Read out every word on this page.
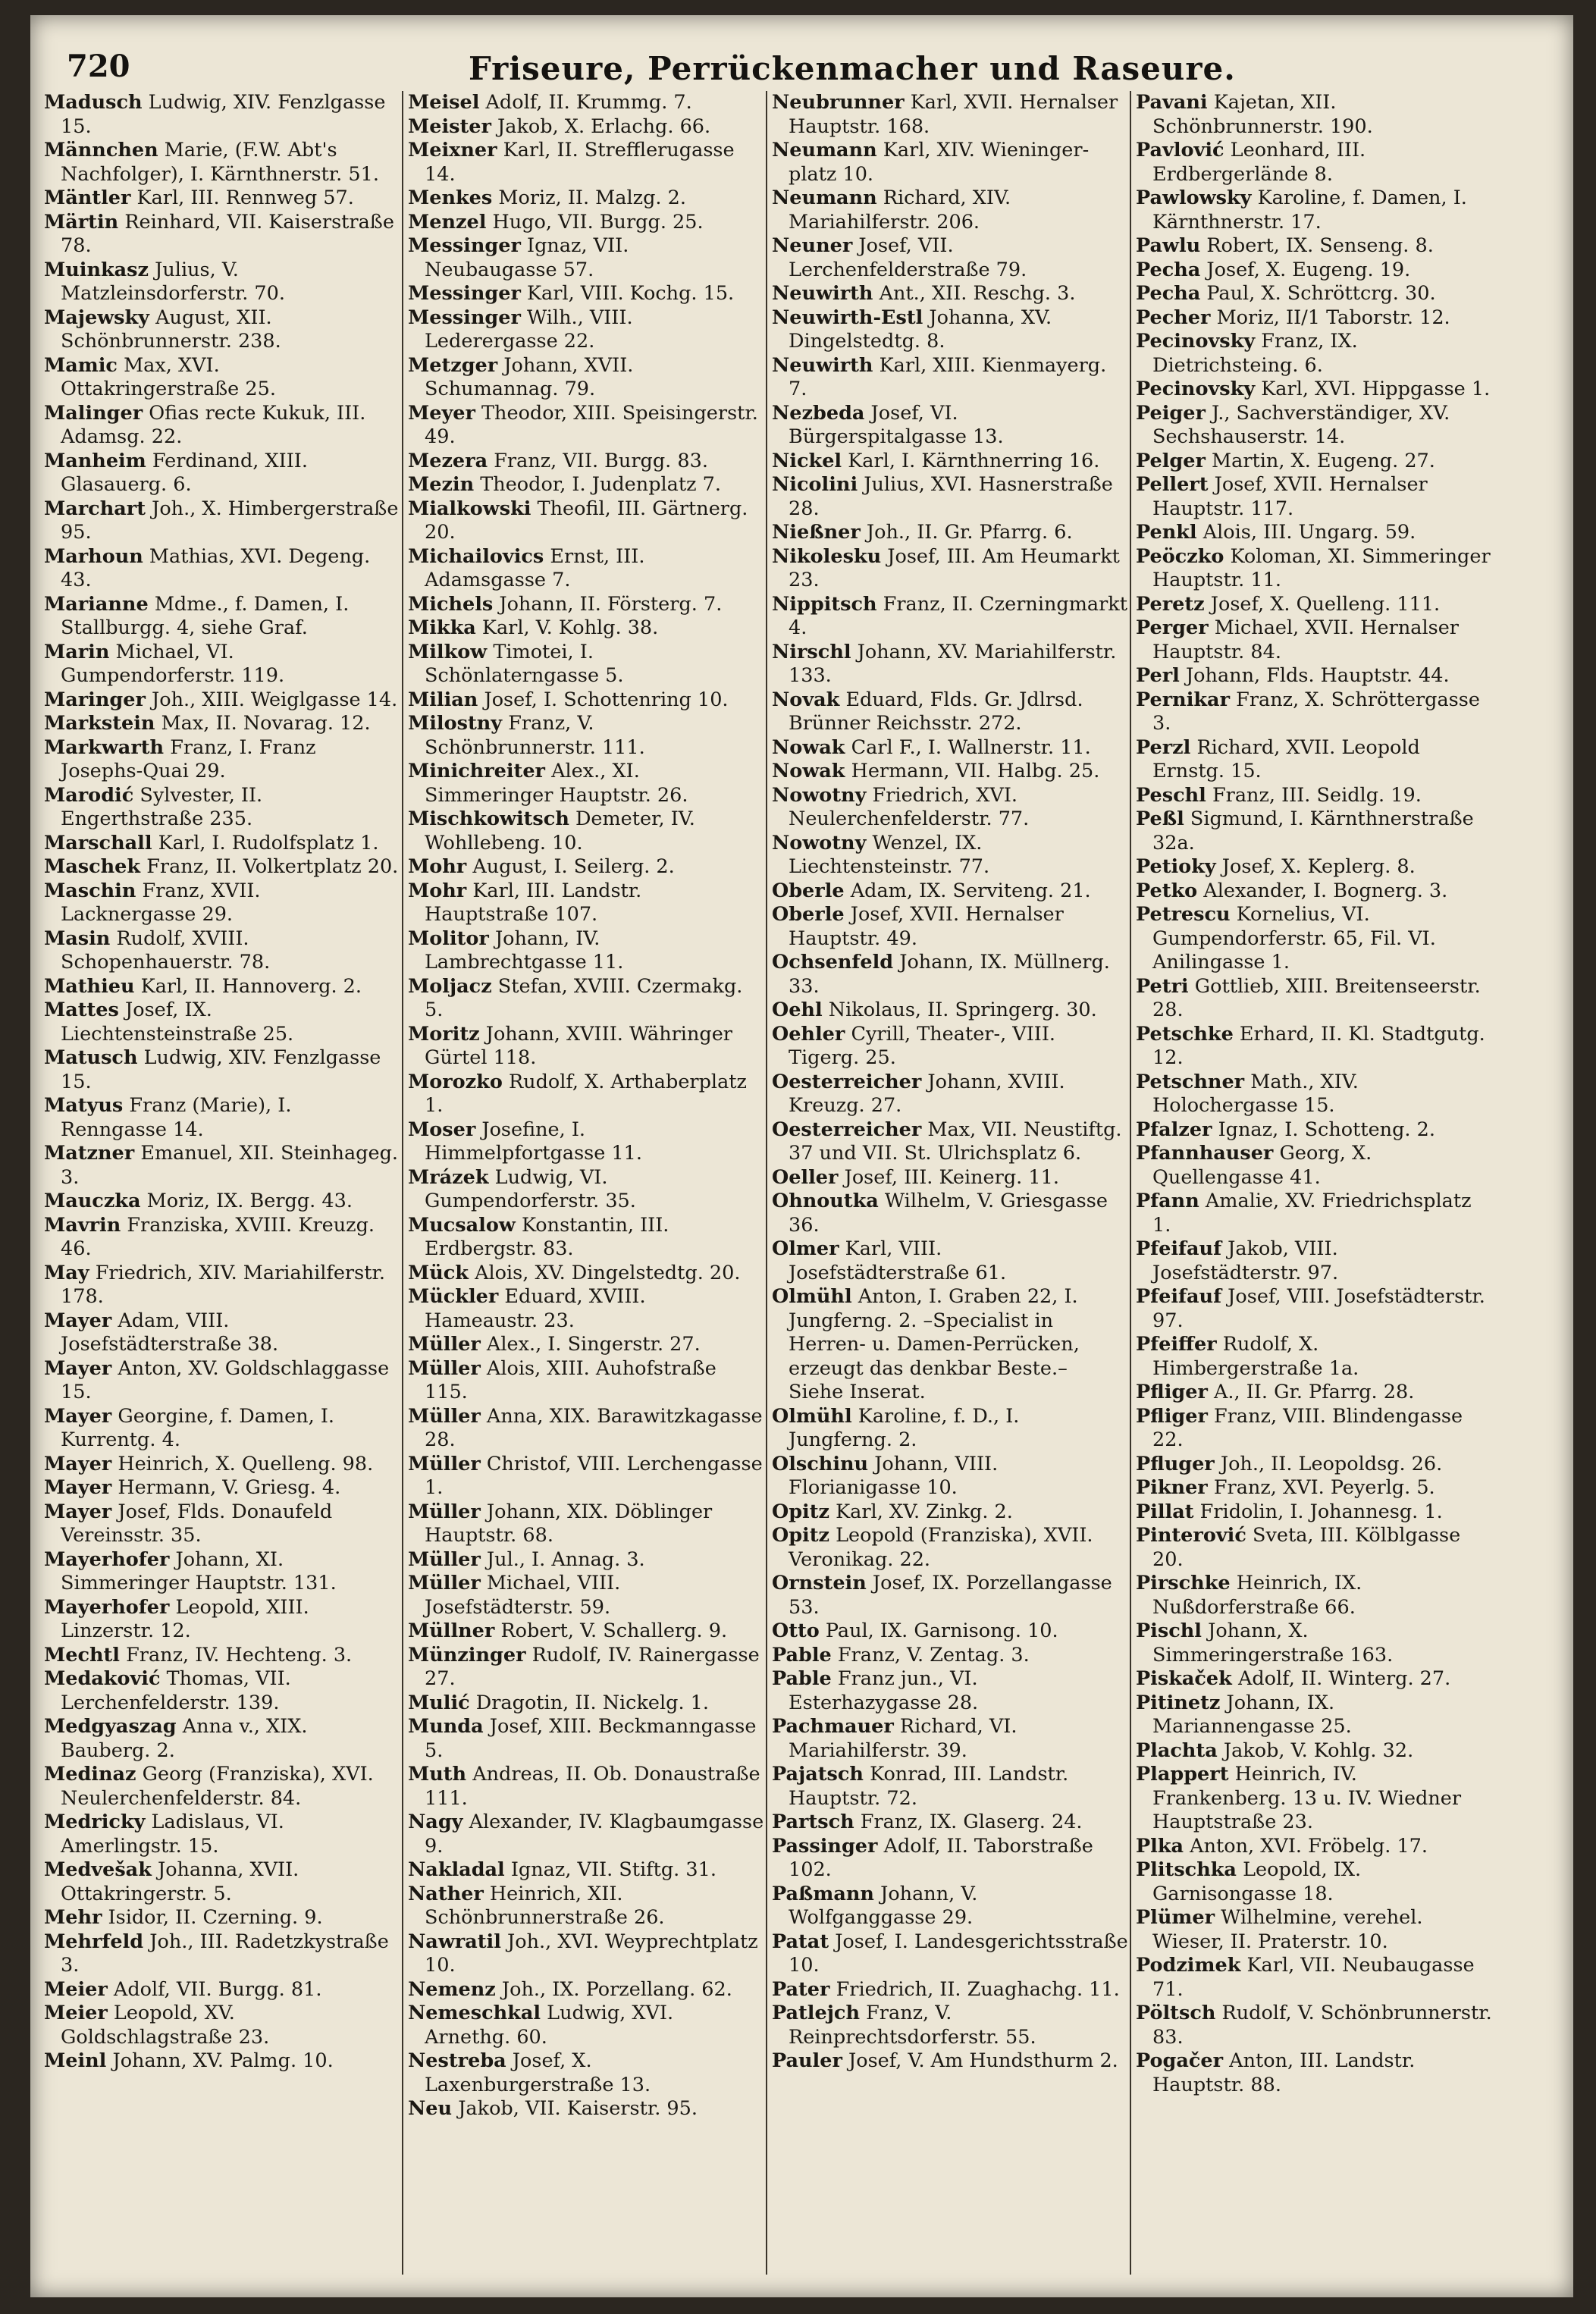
720	Friseure, Perrückenmacher und Raseure.
Madusch Ludwig, XIV. Fenzlgasse 15.
Männchen Marie, (F.W. Abt's Nachfolger), I. Kärnthnerstr. 51.
Mäntler Karl, III. Rennweg 57.
Märtin Reinhard, VII. Kaiserstraße 78.
Muinkasz Julius, V. Matzleinsdorferstr. 70.
Majewsky August, XII. Schönbrunnerstr. 238.
Mamic Max, XVI. Ottakringerstraße 25.
Malinger Ofias recte Kukuk, III. Adamsg. 22.
Manheim Ferdinand, XIII. Glasauerg. 6.
Marchart Joh., X. Himbergerstraße 95.
Marhoun Mathias, XVI. Degeng. 43.
Marianne Mdme., f. Damen, I. Stallburgg. 4, siehe Graf.
Marin Michael, VI. Gumpendorferstr. 119.
Maringer Joh., XIII. Weiglgasse 14.
Markstein Max, II. Novarag. 12.
Markwarth Franz, I. Franz Josephs-Quai 29.
Marodić Sylvester, II. Engerthstraße 235.
Marschall Karl, I. Rudolfsplatz 1.
Maschek Franz, II. Volkertplatz 20.
Maschin Franz, XVII. Lacknergasse 29.
Masin Rudolf, XVIII. Schopenhauerstr. 78.
Mathieu Karl, II. Hannoverg. 2.
Mattes Josef, IX. Liechtensteinstraße 25.
Matusch Ludwig, XIV. Fenzlgasse 15.
Matyus Franz (Marie), I. Renngasse 14.
Matzner Emanuel, XII. Steinhageg. 3.
Mauczka Moriz, IX. Bergg. 43.
Mavrin Franziska, XVIII. Kreuzg. 46.
May Friedrich, XIV. Mariahilferstr. 178.
Mayer Adam, VIII. Josefstädterstraße 38.
Mayer Anton, XV. Goldschlaggasse 15.
Mayer Georgine, f. Damen, I. Kurrentg. 4.
Mayer Heinrich, X. Quelleng. 98.
Mayer Hermann, V. Griesg. 4.
Mayer Josef, Flds. Donaufeld Vereinsstr. 35.
Mayerhofer Johann, XI. Simmeringer Hauptstr. 131.
Mayerhofer Leopold, XIII. Linzerstr. 12.
Mechtl Franz, IV. Hechteng. 3.
Medaković Thomas, VII. Lerchenfelderstr. 139.
Medgyaszag Anna v., XIX. Bauberg. 2.
Medinaz Georg (Franziska), XVI. Neulerchenfelderstr. 84.
Medricky Ladislaus, VI. Amerlingstr. 15.
Medvešak Johanna, XVII. Ottakringerstr. 5.
Mehr Isidor, II. Czerning. 9.
Mehrfeld Joh., III. Radetzkystraße 3.
Meier Adolf, VII. Burgg. 81.
Meier Leopold, XV. Goldschlagstraße 23.
Meinl Johann, XV. Palmg. 10.
Meisel Adolf, II. Krummg. 7.
Meister Jakob, X. Erlachg. 66.
Meixner Karl, II. Strefflerugasse 14.
Menkes Moriz, II. Malzg. 2.
Menzel Hugo, VII. Burgg. 25.
Messinger Ignaz, VII. Neubaugasse 57.
Messinger Karl, VIII. Kochg. 15.
Messinger Wilh., VIII. Lederergasse 22.
Metzger Johann, XVII. Schumannag. 79.
Meyer Theodor, XIII. Speisingerstr. 49.
Mezera Franz, VII. Burgg. 83.
Mezin Theodor, I. Judenplatz 7.
Mialkowski Theofil, III. Gärtnerg. 20.
Michailovics Ernst, III. Adamsgasse 7.
Michels Johann, II. Försterg. 7.
Mikka Karl, V. Kohlg. 38.
Milkow Timotei, I. Schönlaterngasse 5.
Milian Josef, I. Schottenring 10.
Milostny Franz, V. Schönbrunnerstr. 111.
Minichreiter Alex., XI. Simmeringer Hauptstr. 26.
Mischkowitsch Demeter, IV. Wohllebeng. 10.
Mohr August, I. Seilerg. 2.
Mohr Karl, III. Landstr. Hauptstraße 107.
Molitor Johann, IV. Lambrechtgasse 11.
Moljacz Stefan, XVIII. Czermakg. 5.
Moritz Johann, XVIII. Währinger Gürtel 118.
Morozko Rudolf, X. Arthaberplatz 1.
Moser Josefine, I. Himmelpfortgasse 11.
Mrázek Ludwig, VI. Gumpendorferstr. 35.
Mucsalow Konstantin, III. Erdbergstr. 83.
Mück Alois, XV. Dingelstedtg. 20.
Mückler Eduard, XVIII. Hameaustr. 23.
Müller Alex., I. Singerstr. 27.
Müller Alois, XIII. Auhofstraße 115.
Müller Anna, XIX. Barawitzkagasse 28.
Müller Christof, VIII. Lerchengasse 1.
Müller Johann, XIX. Döblinger Hauptstr. 68.
Müller Jul., I. Annag. 3.
Müller Michael, VIII. Josefstädterstr. 59.
Müllner Robert, V. Schallerg. 9.
Münzinger Rudolf, IV. Rainergasse 27.
Mulić Dragotin, II. Nickelg. 1.
Munda Josef, XIII. Beckmanngasse 5.
Muth Andreas, II. Ob. Donaustraße 111.
Nagy Alexander, IV. Klagbaumgasse 9.
Nakladal Ignaz, VII. Stiftg. 31.
Nather Heinrich, XII. Schönbrunnerstraße 26.
Nawratil Joh., XVI. Weyprechtplatz 10.
Nemenz Joh., IX. Porzellang. 62.
Nemeschkal Ludwig, XVI. Arnethg. 60.
Nestreba Josef, X. Laxenburgerstraße 13.
Neu Jakob, VII. Kaiserstr. 95.
Neubrunner Karl, XVII. Hernalser Hauptstr. 168.
Neumann Karl, XIV. Wieningerplatz 10.
Neumann Richard, XIV. Mariahilferstr. 206.
Neuner Josef, VII. Lerchenfelderstraße 79.
Neuwirth Ant., XII. Reschg. 3.
Neuwirth-Estl Johanna, XV. Dingelstedtg. 8.
Neuwirth Karl, XIII. Kienmayerg. 7.
Nezbeda Josef, VI. Bürgerspitalgasse 13.
Nickel Karl, I. Kärnthnerring 16.
Nicolini Julius, XVI. Hasnerstraße 28.
Nießner Joh., II. Gr. Pfarrg. 6.
Nikolesku Josef, III. Am Heumarkt 23.
Nippitsch Franz, II. Czerningmarkt 4.
Nirschl Johann, XV. Mariahilferstr. 133.
Novak Eduard, Flds. Gr. Jdlrsd. Brünner Reichsstr. 272.
Nowak Carl F., I. Wallnerstr. 11.
Nowak Hermann, VII. Halbg. 25.
Nowotny Friedrich, XVI. Neulerchenfelderstr. 77.
Nowotny Wenzel, IX. Liechtensteinstr. 77.
Oberle Adam, IX. Serviteng. 21.
Oberle Josef, XVII. Hernalser Hauptstr. 49.
Ochsenfeld Johann, IX. Müllnerg. 33.
Oehl Nikolaus, II. Springerg. 30.
Oehler Cyrill, Theater-, VIII. Tigerg. 25.
Oesterreicher Johann, XVIII. Kreuzg. 27.
Oesterreicher Max, VII. Neustiftg. 37 und VII. St. Ulrichsplatz 6.
Oeller Josef, III. Keinerg. 11.
Ohnoutka Wilhelm, V. Griesgasse 36.
Olmer Karl, VIII. Josefstädterstraße 61.
Olmühl Anton, I. Graben 22, I. Jungferng. 2. –Specialist in Herren- u. Damen-Perrücken, erzeugt das denkbar Beste.– Siehe Inserat.
Olmühl Karoline, f. D., I. Jungferng. 2.
Olschinu Johann, VIII. Florianigasse 10.
Opitz Karl, XV. Zinkg. 2.
Opitz Leopold (Franziska), XVII. Veronikag. 22.
Ornstein Josef, IX. Porzellangasse 53.
Otto Paul, IX. Garnisong. 10.
Pable Franz, V. Zentag. 3.
Pable Franz jun., VI. Esterhazygasse 28.
Pachmauer Richard, VI. Mariahilferstr. 39.
Pajatsch Konrad, III. Landstr. Hauptstr. 72.
Partsch Franz, IX. Glaserg. 24.
Passinger Adolf, II. Taborstraße 102.
Paßmann Johann, V. Wolfganggasse 29.
Patat Josef, I. Landesgerichtsstraße 10.
Pater Friedrich, II. Zuaghachg. 11.
Patlejch Franz, V. Reinprechtsdorferstr. 55.
Pauler Josef, V. Am Hundsthurm 2.
Pavani Kajetan, XII. Schönbrunnerstr. 190.
Pavlović Leonhard, III. Erdbergerlände 8.
Pawlowsky Karoline, f. Damen, I. Kärnthnerstr. 17.
Pawlu Robert, IX. Senseng. 8.
Pecha Josef, X. Eugeng. 19.
Pecha Paul, X. Schröttcrg. 30.
Pecher Moriz, II/1 Taborstr. 12.
Pecinovsky Franz, IX. Dietrichsteing. 6.
Pecinovsky Karl, XVI. Hippgasse 1.
Peiger J., Sachverständiger, XV. Sechshauserstr. 14.
Pelger Martin, X. Eugeng. 27.
Pellert Josef, XVII. Hernalser Hauptstr. 117.
Penkl Alois, III. Ungarg. 59.
Peöczko Koloman, XI. Simmeringer Hauptstr. 11.
Peretz Josef, X. Quelleng. 111.
Perger Michael, XVII. Hernalser Hauptstr. 84.
Perl Johann, Flds. Hauptstr. 44.
Pernikar Franz, X. Schröttergasse 3.
Perzl Richard, XVII. Leopold Ernstg. 15.
Peschl Franz, III. Seidlg. 19.
Peßl Sigmund, I. Kärnthnerstraße 32a.
Petioky Josef, X. Keplerg. 8.
Petko Alexander, I. Bognerg. 3.
Petrescu Kornelius, VI. Gumpendorferstr. 65, Fil. VI. Anilingasse 1.
Petri Gottlieb, XIII. Breitenseerstr. 28.
Petschke Erhard, II. Kl. Stadtgutg. 12.
Petschner Math., XIV. Holochergasse 15.
Pfalzer Ignaz, I. Schotteng. 2.
Pfannhauser Georg, X. Quellengasse 41.
Pfann Amalie, XV. Friedrichsplatz 1.
Pfeifauf Jakob, VIII. Josefstädterstr. 97.
Pfeifauf Josef, VIII. Josefstädterstr. 97.
Pfeiffer Rudolf, X. Himbergerstraße 1a.
Pfliger A., II. Gr. Pfarrg. 28.
Pfliger Franz, VIII. Blindengasse 22.
Pfluger Joh., II. Leopoldsg. 26.
Pikner Franz, XVI. Peyerlg. 5.
Pillat Fridolin, I. Johannesg. 1.
Pinterović Sveta, III. Kölblgasse 20.
Pirschke Heinrich, IX. Nußdorferstraße 66.
Pischl Johann, X. Simmeringerstraße 163.
Piskaček Adolf, II. Winterg. 27.
Pitinetz Johann, IX. Mariannengasse 25.
Plachta Jakob, V. Kohlg. 32.
Plappert Heinrich, IV. Frankenberg. 13 u. IV. Wiedner Hauptstraße 23.
Plka Anton, XVI. Fröbelg. 17.
Plitschka Leopold, IX. Garnisongasse 18.
Plümer Wilhelmine, verehel. Wieser, II. Praterstr. 10.
Podzimek Karl, VII. Neubaugasse 71.
Pöltsch Rudolf, V. Schönbrunnerstr. 83.
Pogačer Anton, III. Landstr. Hauptstr. 88.
